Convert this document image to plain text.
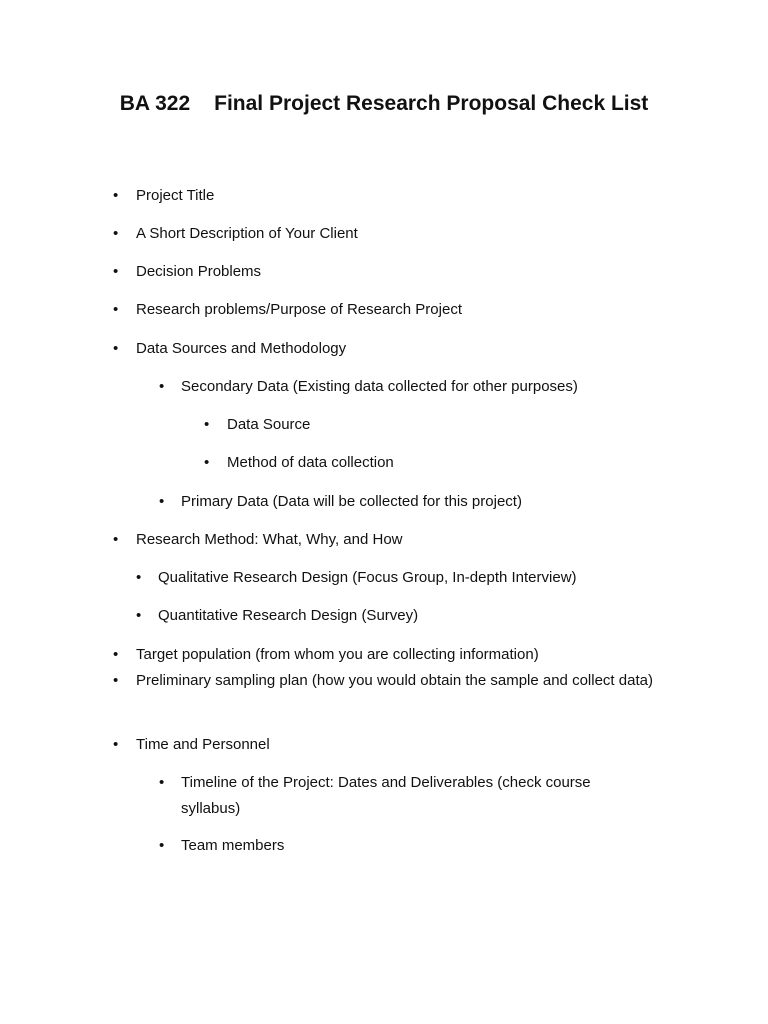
BA 322 Final Project Research Proposal Check List
• Project Title
• A Short Description of Your Client
• Decision Problems
• Research problems/Purpose of Research Project
• Data Sources and Methodology
• Secondary Data (Existing data collected for other purposes)
• Data Source
• Method of data collection
• Primary Data (Data will be collected for this project)
• Research Method: What, Why, and How
• Qualitative Research Design (Focus Group, In-depth Interview)
• Quantitative Research Design (Survey)
• Target population (from whom you are collecting information)
• Preliminary sampling plan (how you would obtain the sample and collect data)
• Time and Personnel
• Timeline of the Project: Dates and Deliverables (check course syllabus)
• Team members
